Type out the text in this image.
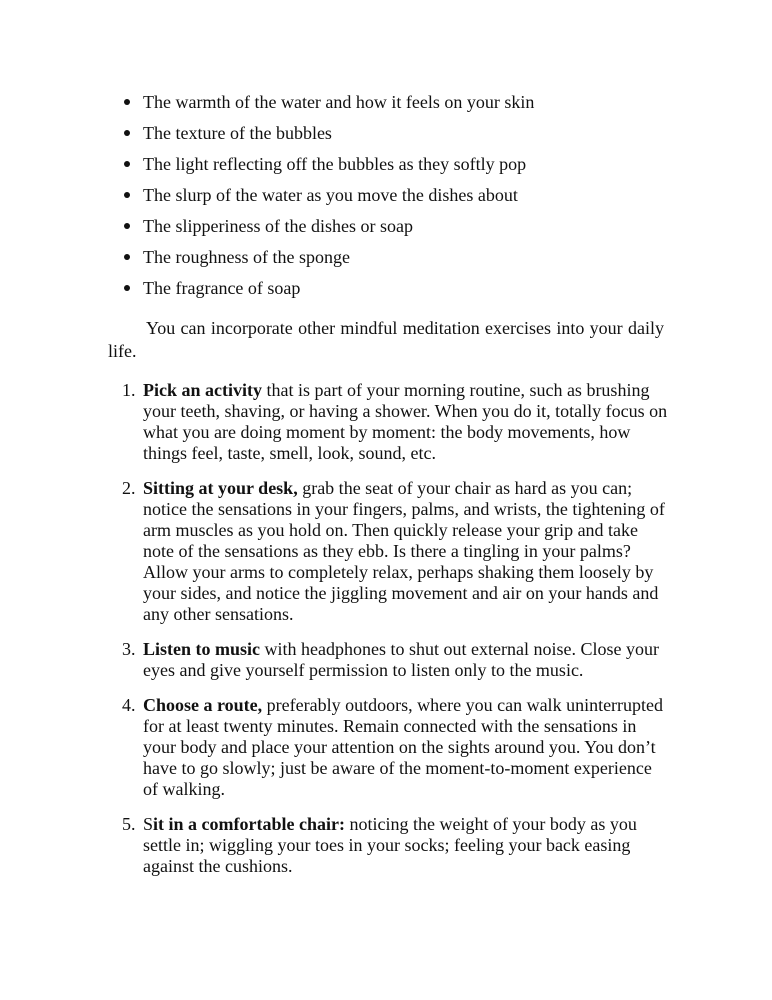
The warmth of the water and how it feels on your skin
The texture of the bubbles
The light reflecting off the bubbles as they softly pop
The slurp of the water as you move the dishes about
The slipperiness of the dishes or soap
The roughness of the sponge
The fragrance of soap

You can incorporate other mindful meditation exercises into your daily life.

1. Pick an activity that is part of your morning routine, such as brushing your teeth, shaving, or having a shower. When you do it, totally focus on what you are doing moment by moment: the body movements, how things feel, taste, smell, look, sound, etc.
2. Sitting at your desk, grab the seat of your chair as hard as you can; notice the sensations in your fingers, palms, and wrists, the tightening of arm muscles as you hold on. Then quickly release your grip and take note of the sensations as they ebb. Is there a tingling in your palms? Allow your arms to completely relax, perhaps shaking them loosely by your sides, and notice the jiggling movement and air on your hands and any other sensations.
3. Listen to music with headphones to shut out external noise. Close your eyes and give yourself permission to listen only to the music.
4. Choose a route, preferably outdoors, where you can walk uninterrupted for at least twenty minutes. Remain connected with the sensations in your body and place your attention on the sights around you. You don’t have to go slowly; just be aware of the moment-to-moment experience of walking.
5. Sit in a comfortable chair: noticing the weight of your body as you settle in; wiggling your toes in your socks; feeling your back easing against the cushions.
